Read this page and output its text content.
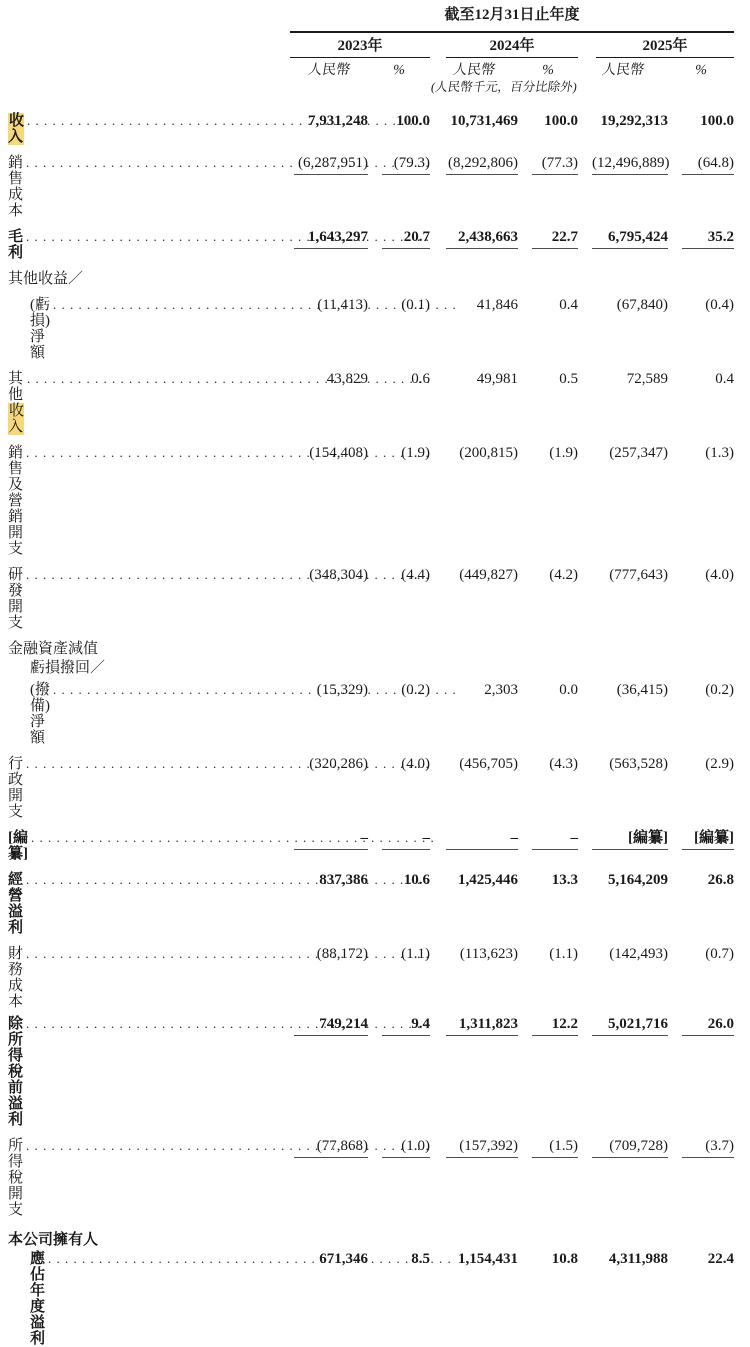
截至12月31日止年度
2023年	2024年	2025年
人民幣	%	人民幣	%	人民幣	%
(人民幣千元，百分比除外)
收入
. . .
7,931,248	100.0	10,731,469	100.0	19,292,313	100.0
銷售成本
. . .
(6,287,951)	(79.3) (8,292,806)	(77.3) (12,496,889)	(64.8)
毛利
. . .
1,643,297	20.7	2,438,663	22.7	6,795,424	35.2
其他收益／
(虧損)淨額
. . .
(11,413)	(0.1)	41,846	0.4	(67,840)	(0.4)
其他收入
. . .
43,829	0.6	49,981	0.5	72,589	0.4
銷售及營銷開支
. . .
(154,408)	(1.9)	(200,815)	(1.9)	(257,347)	(1.3)
研發開支
. . .
(348,304)	(4.4)	(449,827)	(4.2)	(777,643)	(4.0)
金融資產減值
虧損撥回／
(撥備)淨額
. . .
(15,329)	(0.2)	2,303	0.0	(36,415)	(0.2)
行政開支
. . .
(320,286)	(4.0)	(456,705)	(4.3)	(563,528)	(2.9)
[編纂]
. . .
–	–	–	–	[編纂]	[編纂]
經營溢利
. . .
837,386	10.6	1,425,446	13.3	5,164,209	26.8
財務成本
. . .
(88,172)	(1.1)	(113,623)	(1.1)	(142,493)	(0.7)
除所得稅前溢利
. . .
749,214	9.4	1,311,823	12.2	5,021,716	26.0
所得稅開支
. . .
(77,868)	(1.0)	(157,392)	(1.5)	(709,728)	(3.7)
本公司擁有人
應佔年度溢利
. . .
671,346	8.5	1,154,431	10.8	4,311,988	22.4
